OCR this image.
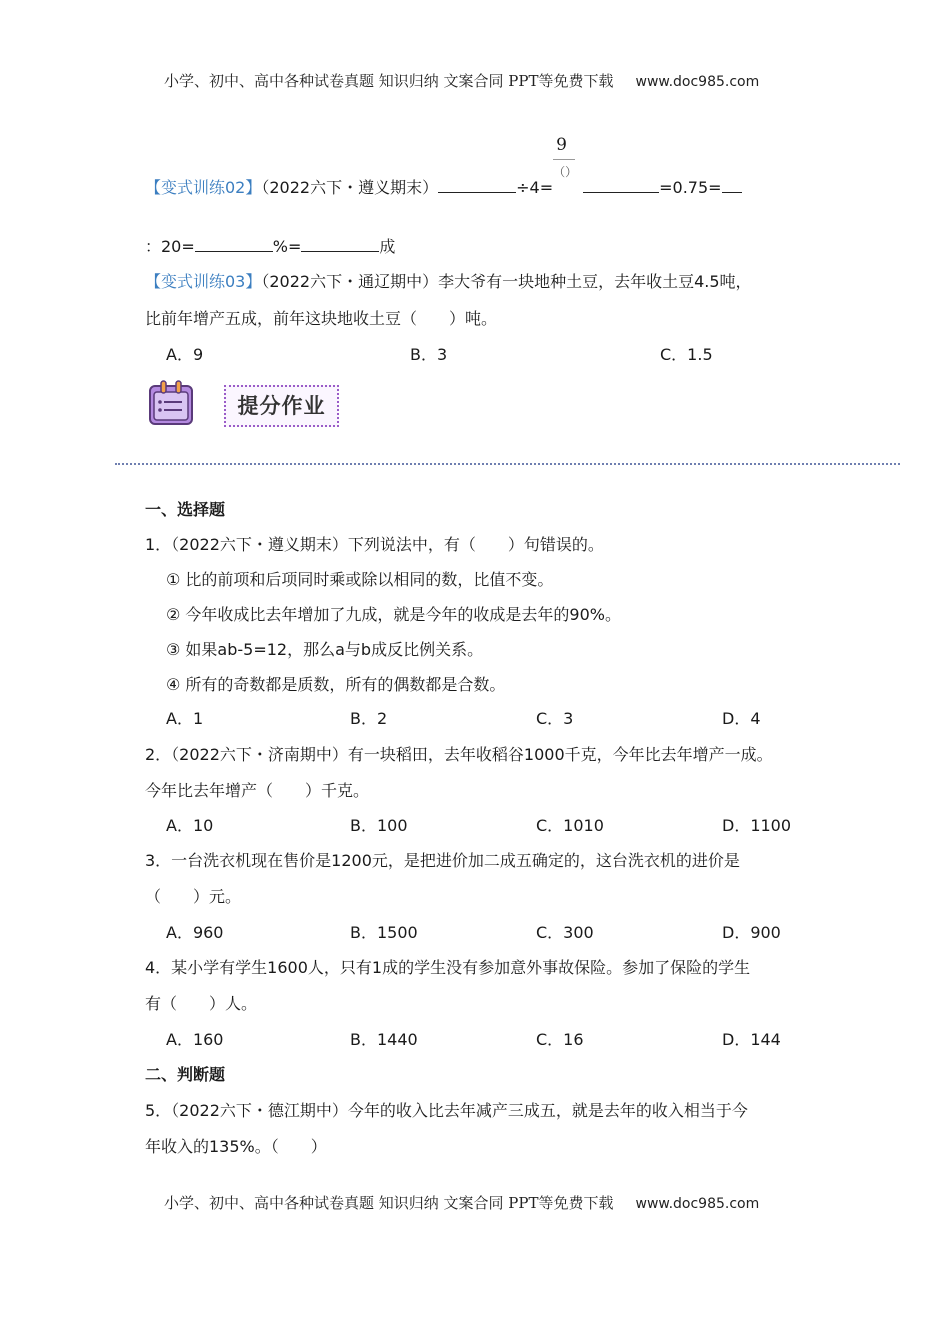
小学、初中、高中各种试卷真题 知识归纳 文案合同 PPT等免费下载 www.doc985.com
【变式训练02】（2022六下・遵义期末）	$\div 4= \frac{9}{()}$	=0.75=
：20=	%=	成
【变式训练03】（2022六下・通辽期中）李大爷有一块地种土豆，去年收土豆4.5吨，
比前年增产五成，前年这块地收土豆（　　）吨。
A．9	B．3	C．1.5
提分作业
一、选择题
1．（2022六下・遵义期末）下列说法中，有（　　）句错误的。
① 比的前项和后项同时乘或除以相同的数，比值不变。
② 今年收成比去年增加了九成，就是今年的收成是去年的90%。
③ 如果ab-5=12，那么a与b成反比例关系。
④ 所有的奇数都是质数，所有的偶数都是合数。
A．1	B．2	C．3	D．4
2．（2022六下・济南期中）有一块稻田，去年收稻谷1000千克，今年比去年增产一成。
今年比去年增产（　　）千克。
A．10	B．100	C．1010	D．1100
3．一台洗衣机现在售价是1200元，是把进价加二成五确定的，这台洗衣机的进价是
（　　）元。
A．960	B．1500	C．300	D．900
4．某小学有学生1600人，只有1成的学生没有参加意外事故保险。参加了保险的学生
有（　　）人。
A．160	B．1440	C．16	D．144
二、判断题
5．（2022六下・德江期中）今年的收入比去年减产三成五，就是去年的收入相当于今
年收入的135%。（　　）
小学、初中、高中各种试卷真题 知识归纳 文案合同 PPT等免费下载 www.doc985.com
